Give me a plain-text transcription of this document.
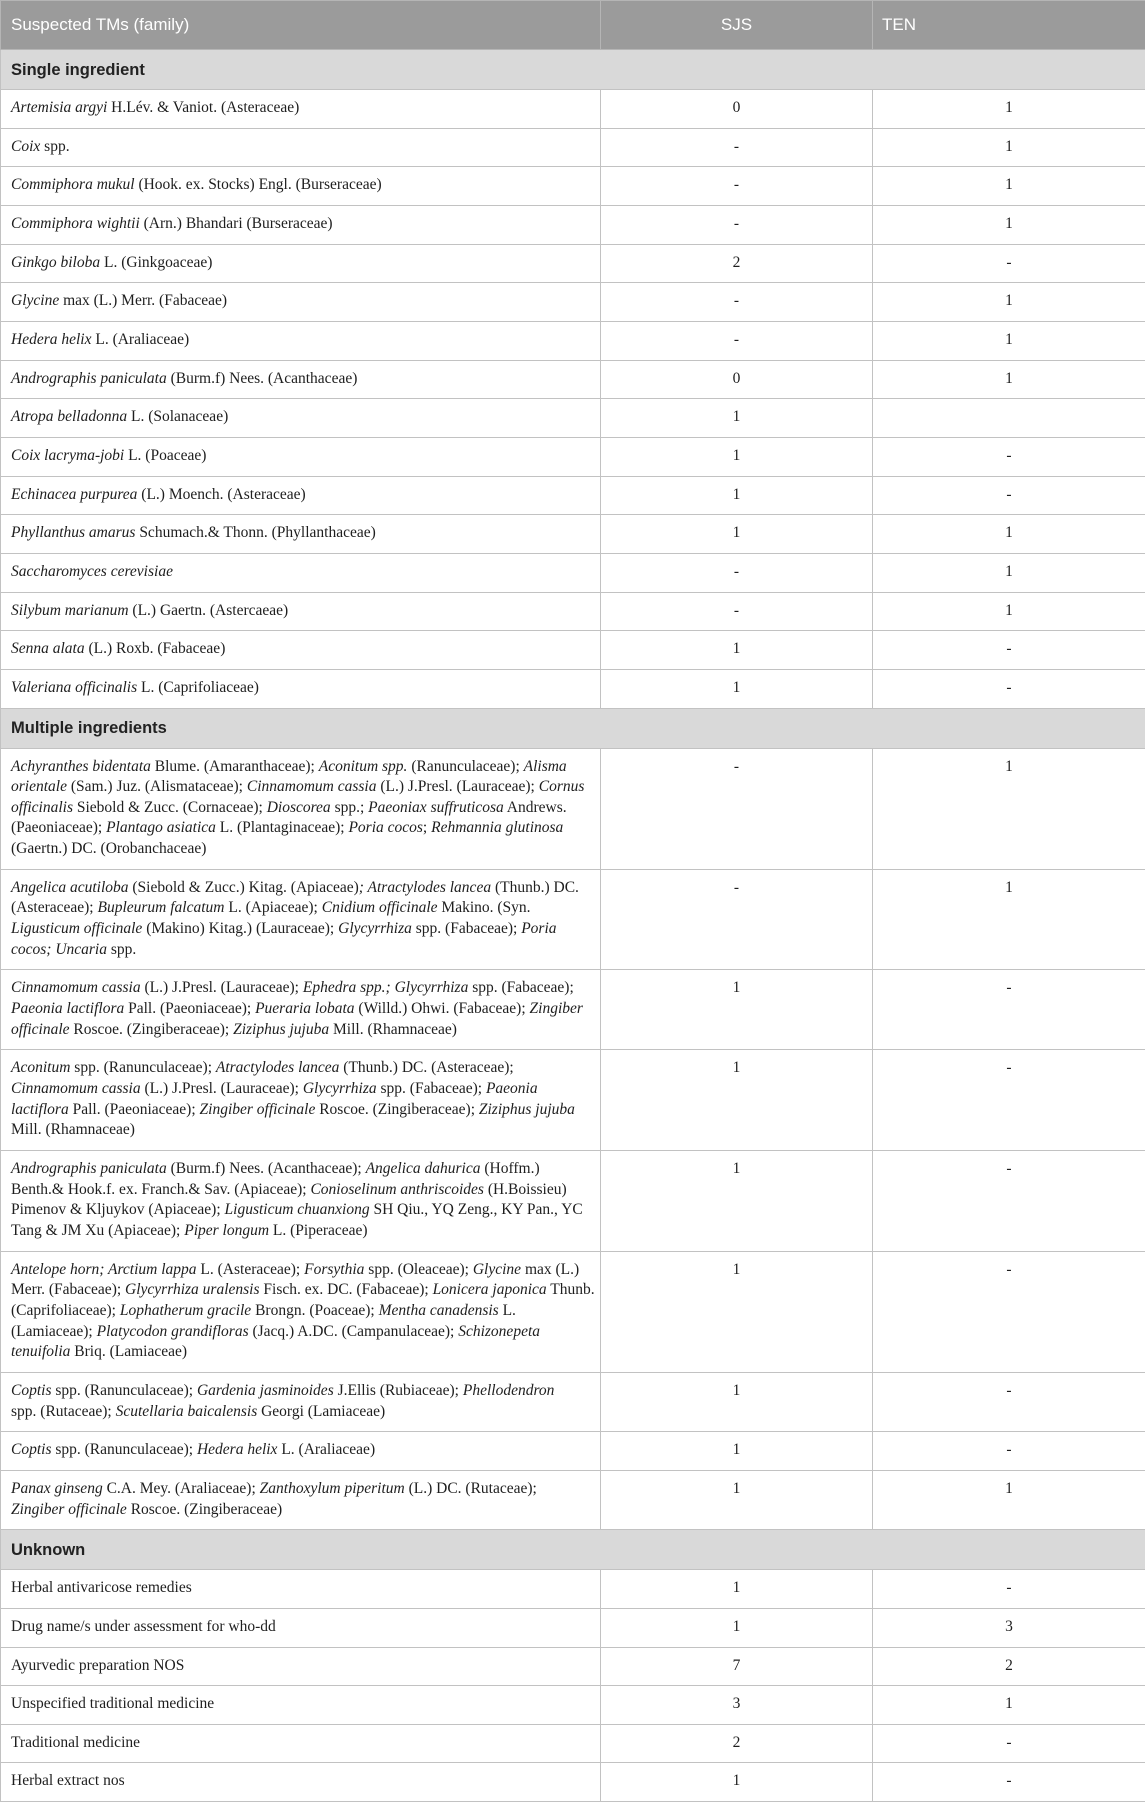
Suspected TMs (family)	SJS	TEN
Single ingredient		

Artemisia argyi H.Lév. & Vaniot. (Asteraceae)	0	1

Coix spp.	-	1

Commiphora mukul (Hook. ex. Stocks) Engl. (Burseraceae)	-	1

Commiphora wightii (Arn.) Bhandari (Burseraceae)	-	1

Ginkgo biloba L. (Ginkgoaceae)	2	-

Glycine max (L.) Merr. (Fabaceae)	-	1

Hedera helix L. (Araliaceae)	-	1

Andrographis paniculata (Burm.f) Nees. (Acanthaceae)	0	1

Atropa belladonna L. (Solanaceae)	1	

Coix lacryma-jobi L. (Poaceae)	1	-

Echinacea purpurea (L.) Moench. (Asteraceae)	1	-

Phyllanthus amarus Schumach.& Thonn. (Phyllanthaceae)	1	1

Saccharomyces cerevisiae	-	1

Silybum marianum (L.) Gaertn. (Astercaeae)	-	1

Senna alata (L.) Roxb. (Fabaceae)	1	-

Valeriana officinalis L. (Caprifoliaceae)	1	-
Multiple ingredients		

Achyranthes bidentata Blume. (Amaranthaceae); Aconitum spp. (Ranunculaceae); Alisma
orientale (Sam.) Juz. (Alismataceae); Cinnamomum cassia (L.) J.Presl. (Lauraceae); Cornus
officinalis Siebold & Zucc. (Cornaceae); Dioscorea spp.; Paeoniax suffruticosa Andrews.
(Paeoniaceae); Plantago asiatica L. (Plantaginaceae); Poria cocos; Rehmannia glutinosa
(Gaertn.) DC. (Orobanchaceae)	-	1

Angelica acutiloba (Siebold & Zucc.) Kitag. (Apiaceae); Atractylodes lancea (Thunb.) DC.
(Asteraceae); Bupleurum falcatum L. (Apiaceae); Cnidium officinale Makino. (Syn.
Ligusticum officinale (Makino) Kitag.) (Lauraceae); Glycyrrhiza spp. (Fabaceae); Poria
cocos; Uncaria spp.	-	1

Cinnamomum cassia (L.) J.Presl. (Lauraceae); Ephedra spp.; Glycyrrhiza spp. (Fabaceae);
Paeonia lactiflora Pall. (Paeoniaceae); Pueraria lobata (Willd.) Ohwi. (Fabaceae); Zingiber
officinale Roscoe. (Zingiberaceae); Ziziphus jujuba Mill. (Rhamnaceae)	1	-

Aconitum spp. (Ranunculaceae); Atractylodes lancea (Thunb.) DC. (Asteraceae);
Cinnamomum cassia (L.) J.Presl. (Lauraceae); Glycyrrhiza spp. (Fabaceae); Paeonia
lactiflora Pall. (Paeoniaceae); Zingiber officinale Roscoe. (Zingiberaceae); Ziziphus jujuba
Mill. (Rhamnaceae)	1	-

Andrographis paniculata (Burm.f) Nees. (Acanthaceae); Angelica dahurica (Hoffm.)
Benth.& Hook.f. ex. Franch.& Sav. (Apiaceae); Conioselinum anthriscoides (H.Boissieu)
Pimenov & Kljuykov (Apiaceae); Ligusticum chuanxiong SH Qiu., YQ Zeng., KY Pan., YC
Tang & JM Xu (Apiaceae); Piper longum L. (Piperaceae)	1	-

Antelope horn; Arctium lappa L. (Asteraceae); Forsythia spp. (Oleaceae); Glycine max (L.)
Merr. (Fabaceae); Glycyrrhiza uralensis Fisch. ex. DC. (Fabaceae); Lonicera japonica Thunb.
(Caprifoliaceae); Lophatherum gracile Brongn. (Poaceae); Mentha canadensis L.
(Lamiaceae); Platycodon grandifloras (Jacq.) A.DC. (Campanulaceae); Schizonepeta
tenuifolia Briq. (Lamiaceae)	1	-

Coptis spp. (Ranunculaceae); Gardenia jasminoides J.Ellis (Rubiaceae); Phellodendron
spp. (Rutaceae); Scutellaria baicalensis Georgi (Lamiaceae)	1	-

Coptis spp. (Ranunculaceae); Hedera helix L. (Araliaceae)	1	-

Panax ginseng C.A. Mey. (Araliaceae); Zanthoxylum piperitum (L.) DC. (Rutaceae);
Zingiber officinale Roscoe. (Zingiberaceae)	1	1
Unknown		

Herbal antivaricose remedies	1	-

Drug name/s under assessment for who-dd	1	3

Ayurvedic preparation NOS	7	2

Unspecified traditional medicine	3	1

Traditional medicine	2	-

Herbal extract nos	1	-
